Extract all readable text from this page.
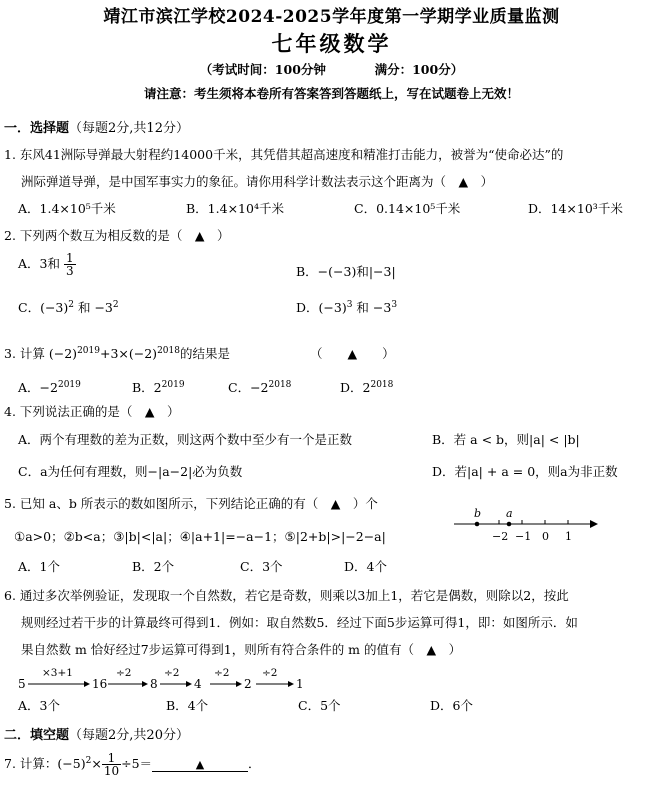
靖江市滨江学校2024-2025学年度第一学期学业质量监测
七年级数学
（考试时间：100分钟	满分：100分）
请注意：考生须将本卷所有答案答到答题纸上，写在试题卷上无效！
一．选择题（每题2分,共12分）
1. 东风41洲际导弹最大射程约14000千米，其凭借其超高速度和精准打击能力，被誉为“使命必达”的
洲际弹道导弹，是中国军事实力的象征。请你用科学计数法表示这个距离为（　▲　）
A．1.4×10⁵千米	B．1.4×10⁴千米	C．0.14×10⁵千米	D．14×10³千米
2. 下列两个数互为相反数的是（　▲　）
A．3和 $\frac{1}{3}$	B．−(−3)和|−3|
C．$(-3)^2$ 和 $-3^2$	D．$(-3)^3$ 和 $-3^3$
3. 计算 $(-2)^{2019}+3\times(-2)^{2018}$的结果是	（　　▲　　）
A．$-2^{2019}$	B．$2^{2019}$	C．$-2^{2018}$	D．$2^{2018}$
4. 下列说法正确的是（　▲　）
A．两个有理数的差为正数，则这两个数中至少有一个是正数	B．若 a < b，则|a| < |b|
C．a为任何有理数，则−|a−2|必为负数	D．若|a| + a = 0，则a为非正数
5. 已知 a、b 所表示的数如图所示，下列结论正确的有（　▲　）个
①a>0；②b<a；③|b|<|a|；④|a+1|=−a−1；⑤|2+b|>|−2−a|
b a
−2 −1 0 1
A．1个	B．2个	C．3个	D．4个
6. 通过多次举例验证，发现取一个自然数，若它是奇数，则乘以3加上1，若它是偶数，则除以2，按此
规则经过若干步的计算最终可得到1．例如：取自然数5．经过下面5步运算可得1，即：如图所示．如
果自然数 m 恰好经过7步运算可得到1，则所有符合条件的 m 的值有（　▲　）
5
×3+1
16
÷2
8
÷2
4
÷2
2
÷2
1
A．3个	B．4个	C．5个	D．6个
二．填空题（每题2分,共20分）
7. 计算：$(-5)^2\times \frac{1}{10} \div 5=$	▲	．
